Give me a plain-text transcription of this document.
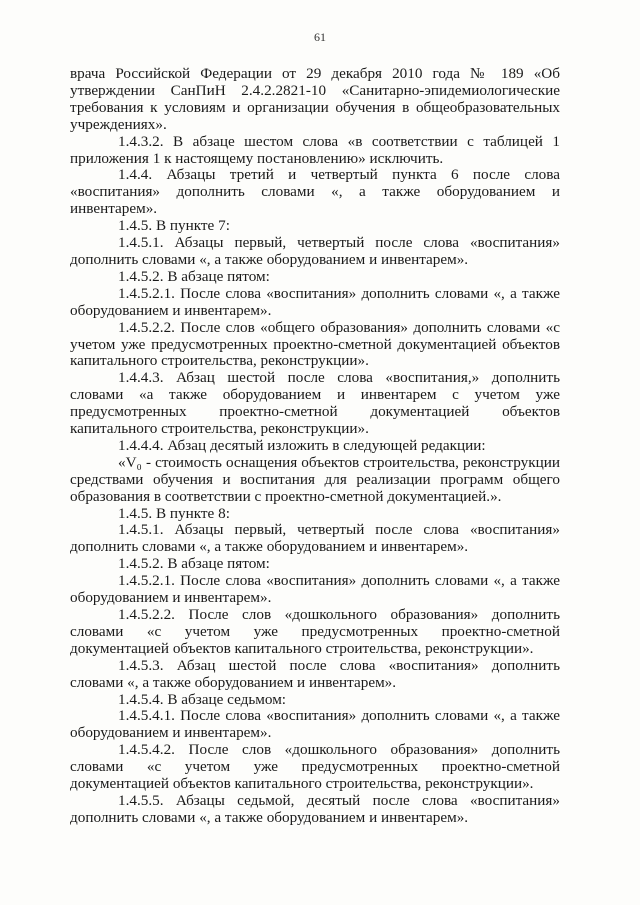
61

врача Российской Федерации от 29 декабря 2010 года № 189 «Об утверждении СанПиН 2.4.2.2821-10 «Санитарно-эпидемиологические требования к условиям и организации обучения в общеобразовательных учреждениях».

1.4.3.2. В абзаце шестом слова «в соответствии с таблицей 1 приложения 1 к настоящему постановлению» исключить.

1.4.4. Абзацы третий и четвертый пункта 6 после слова «воспитания» дополнить словами «, а также оборудованием и инвентарем».

1.4.5. В пункте 7:

1.4.5.1. Абзацы первый, четвертый после слова «воспитания» дополнить словами «, а также оборудованием и инвентарем».

1.4.5.2. В абзаце пятом:

1.4.5.2.1. После слова «воспитания» дополнить словами «, а также оборудованием и инвентарем».

1.4.5.2.2. После слов «общего образования» дополнить словами «с учетом уже предусмотренных проектно-сметной документацией объектов капитального строительства, реконструкции».

1.4.4.3. Абзац шестой после слова «воспитания,» дополнить словами «а также оборудованием и инвентарем с учетом уже предусмотренных проектно-сметной документацией объектов капитального строительства, реконструкции».

1.4.4.4. Абзац десятый изложить в следующей редакции:

«V₀ - стоимость оснащения объектов строительства, реконструкции средствами обучения и воспитания для реализации программ общего образования в соответствии с проектно-сметной документацией.».

1.4.5. В пункте 8:

1.4.5.1. Абзацы первый, четвертый после слова «воспитания» дополнить словами «, а также оборудованием и инвентарем».

1.4.5.2. В абзаце пятом:

1.4.5.2.1. После слова «воспитания» дополнить словами «, а также оборудованием и инвентарем».

1.4.5.2.2. После слов «дошкольного образования» дополнить словами «с учетом уже предусмотренных проектно-сметной документацией объектов капитального строительства, реконструкции».

1.4.5.3. Абзац шестой после слова «воспитания» дополнить словами «, а также оборудованием и инвентарем».

1.4.5.4. В абзаце седьмом:

1.4.5.4.1. После слова «воспитания» дополнить словами «, а также оборудованием и инвентарем».

1.4.5.4.2. После слов «дошкольного образования» дополнить словами «с учетом уже предусмотренных проектно-сметной документацией объектов капитального строительства, реконструкции».

1.4.5.5. Абзацы седьмой, десятый после слова «воспитания» дополнить словами «, а также оборудованием и инвентарем».
